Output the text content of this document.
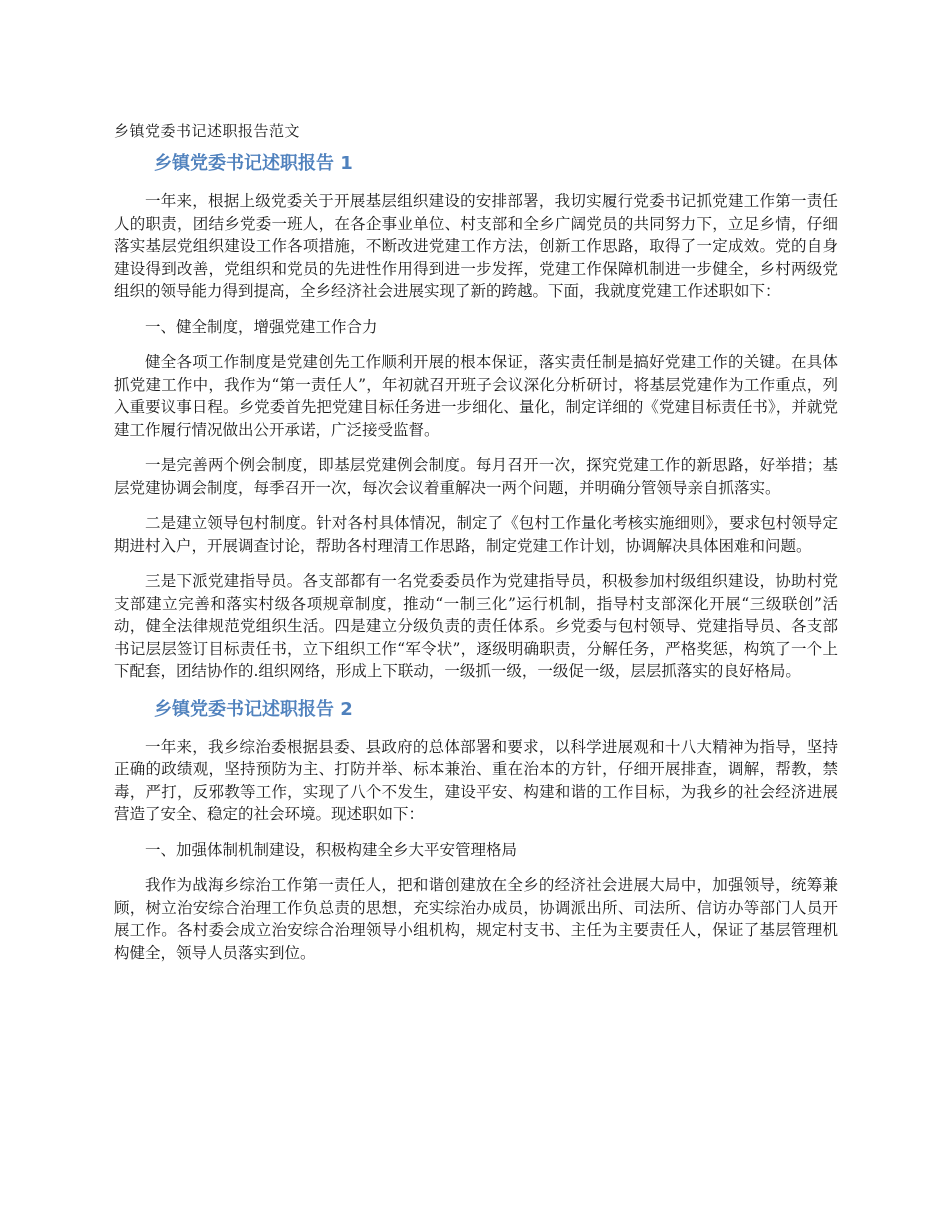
乡镇党委书记述职报告范文
乡镇党委书记述职报告 1

一年来，根据上级党委关于开展基层组织建设的安排部署，我切实履行党委书记抓党建工作第一责任人的职责，团结乡党委一班人，在各企事业单位、村支部和全乡广阔党员的共同努力下，立足乡情，仔细落实基层党组织建设工作各项措施，不断改进党建工作方法，创新工作思路，取得了一定成效。党的自身建设得到改善，党组织和党员的先进性作用得到进一步发挥，党建工作保障机制进一步健全，乡村两级党组织的领导能力得到提高，全乡经济社会进展实现了新的跨越。下面，我就度党建工作述职如下：

一、健全制度，增强党建工作合力

健全各项工作制度是党建创先工作顺利开展的根本保证，落实责任制是搞好党建工作的关键。在具体抓党建工作中，我作为“第一责任人”，年初就召开班子会议深化分析研讨，将基层党建作为工作重点，列入重要议事日程。乡党委首先把党建目标任务进一步细化、量化，制定详细的《党建目标责任书》，并就党建工作履行情况做出公开承诺，广泛接受监督。

一是完善两个例会制度，即基层党建例会制度。每月召开一次，探究党建工作的新思路，好举措；基层党建协调会制度，每季召开一次，每次会议着重解决一两个问题，并明确分管领导亲自抓落实。

二是建立领导包村制度。针对各村具体情况，制定了《包村工作量化考核实施细则》，要求包村领导定期进村入户，开展调查讨论，帮助各村理清工作思路，制定党建工作计划，协调解决具体困难和问题。

三是下派党建指导员。各支部都有一名党委委员作为党建指导员，积极参加村级组织建设，协助村党支部建立完善和落实村级各项规章制度，推动“一制三化”运行机制，指导村支部深化开展“三级联创”活动，健全法律规范党组织生活。四是建立分级负责的责任体系。乡党委与包村领导、党建指导员、各支部书记层层签订目标责任书，立下组织工作“军令状”，逐级明确职责，分解任务，严格奖惩，构筑了一个上下配套，团结协作的.组织网络，形成上下联动，一级抓一级，一级促一级，层层抓落实的良好格局。

乡镇党委书记述职报告 2

一年来，我乡综治委根据县委、县政府的总体部署和要求，以科学进展观和十八大精神为指导，坚持正确的政绩观，坚持预防为主、打防并举、标本兼治、重在治本的方针，仔细开展排查，调解，帮教，禁毒，严打，反邪教等工作，实现了八个不发生，建设平安、构建和谐的工作目标，为我乡的社会经济进展营造了安全、稳定的社会环境。现述职如下：

一、加强体制机制建设，积极构建全乡大平安管理格局

我作为战海乡综治工作第一责任人，把和谐创建放在全乡的经济社会进展大局中，加强领导，统筹兼顾，树立治安综合治理工作负总责的思想，充实综治办成员，协调派出所、司法所、信访办等部门人员开展工作。各村委会成立治安综合治理领导小组机构，规定村支书、主任为主要责任人，保证了基层管理机构健全，领导人员落实到位。
